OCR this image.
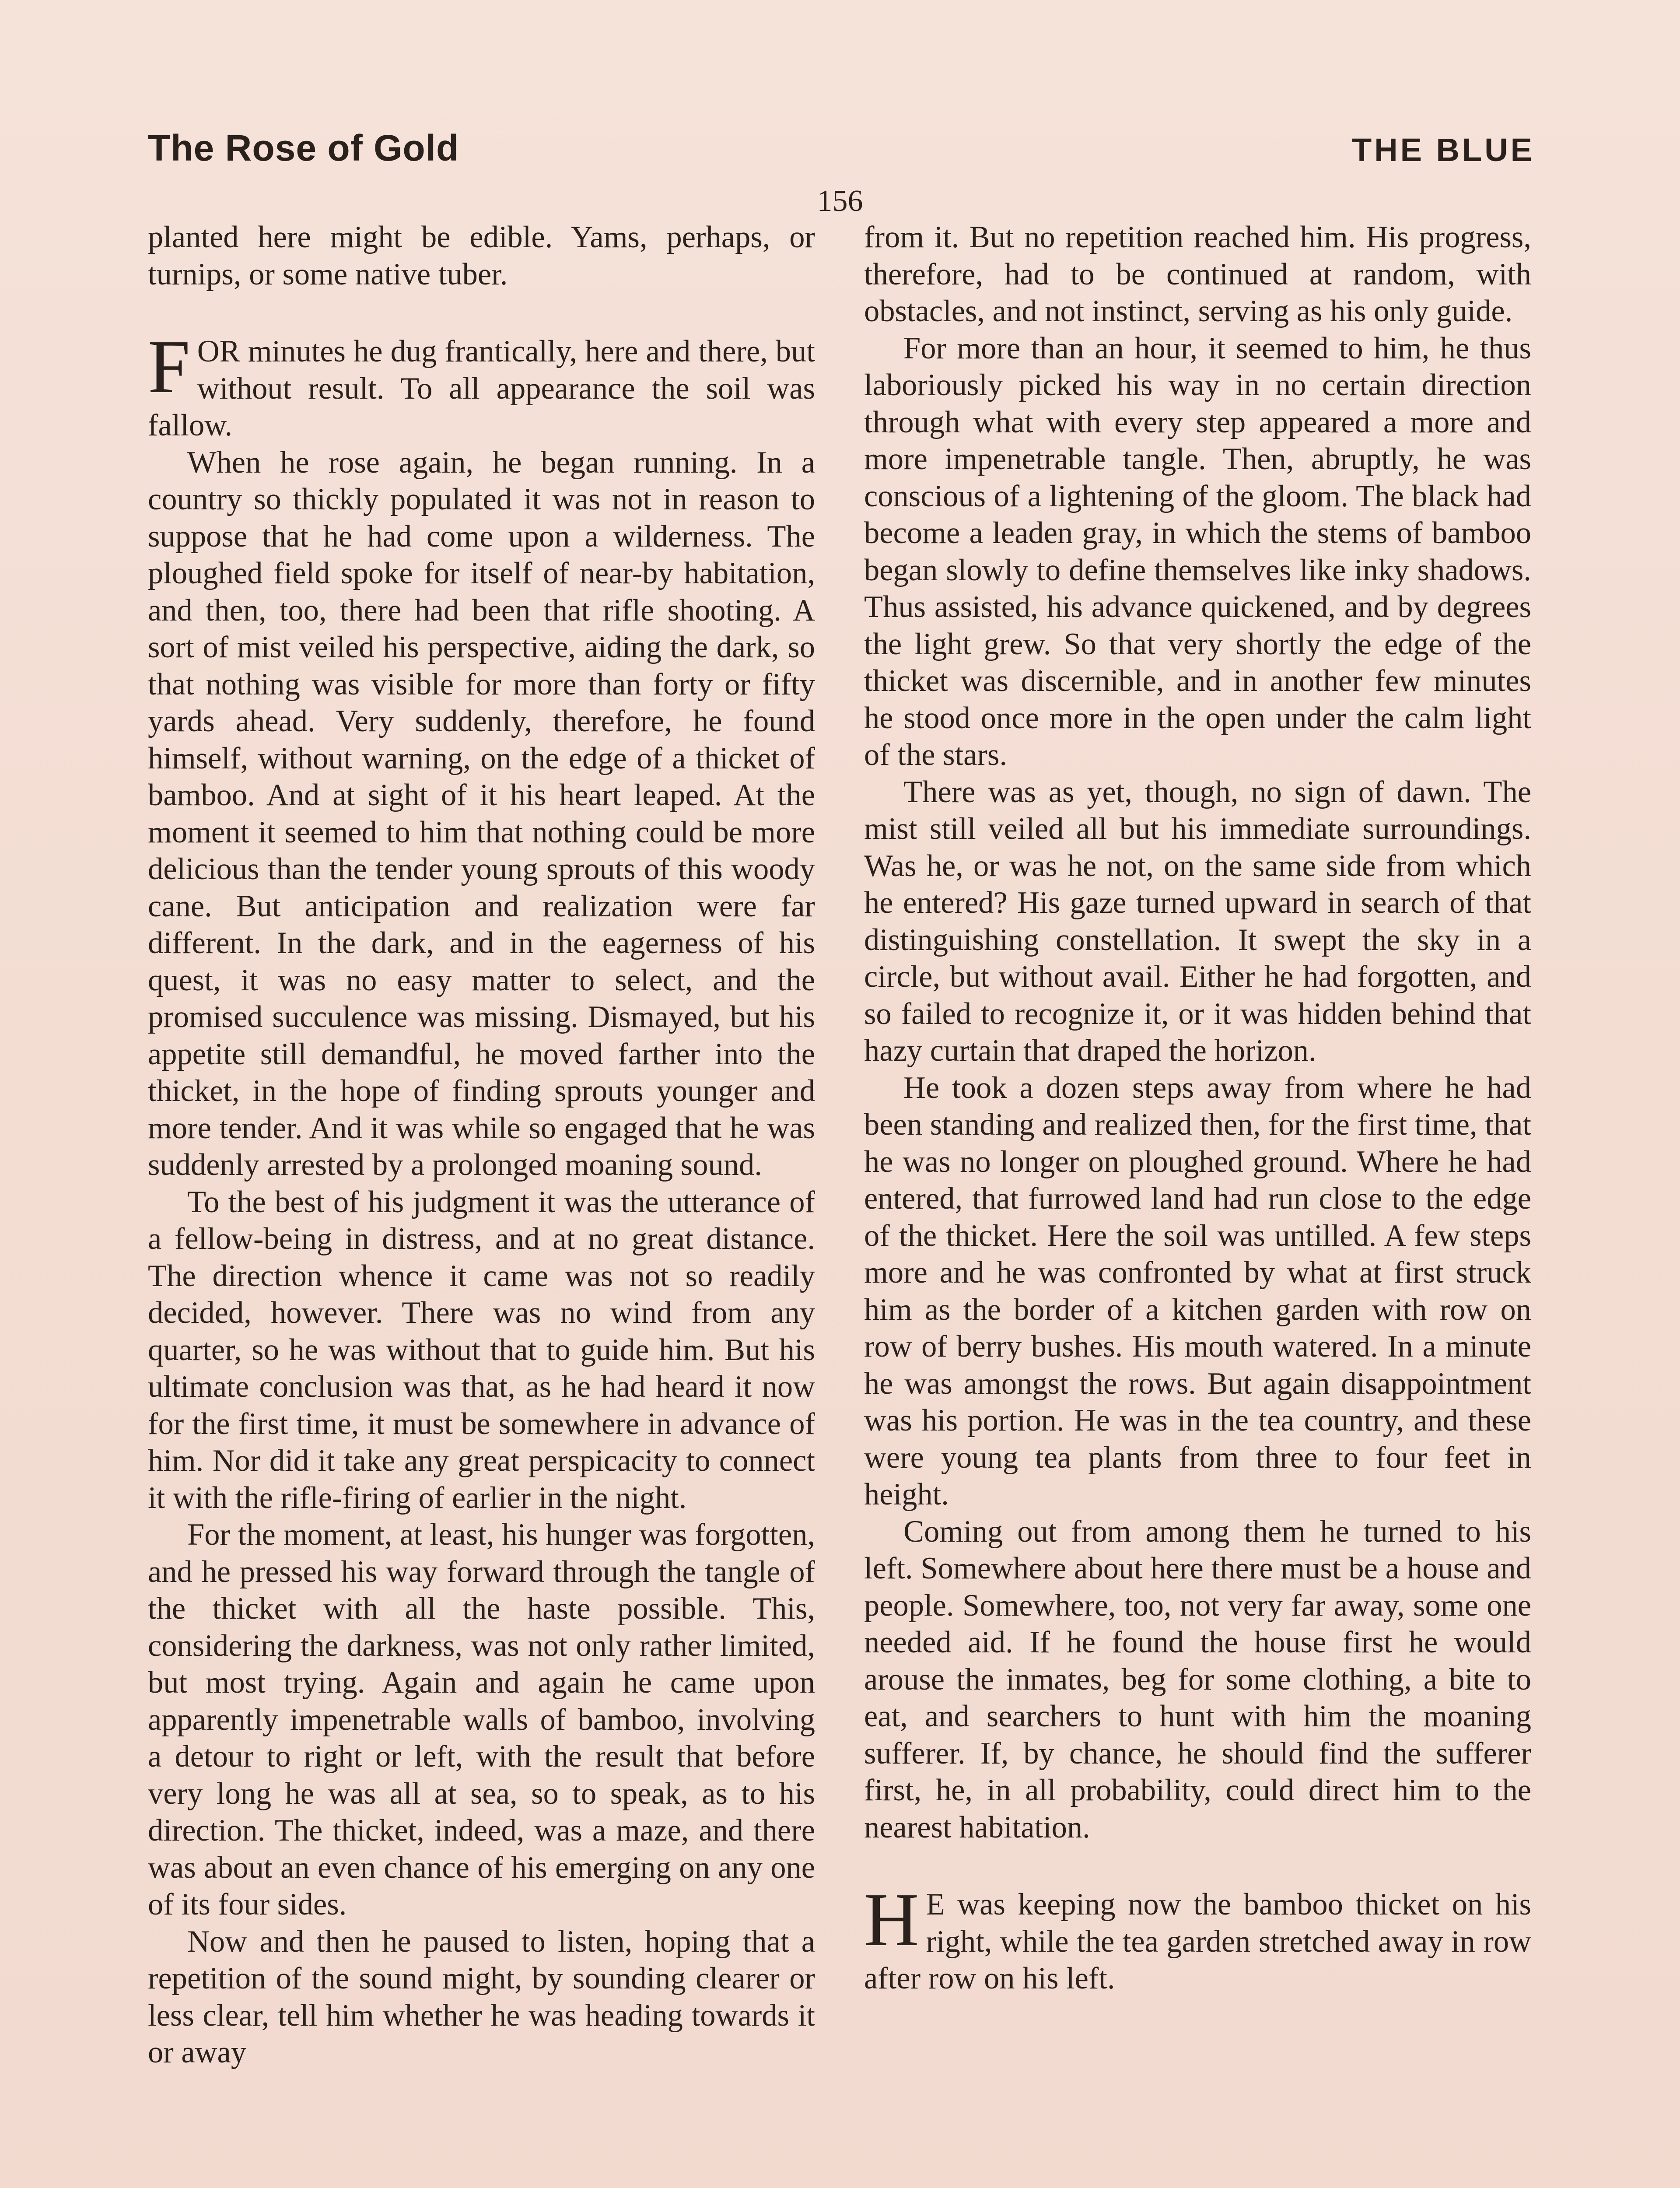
The Rose of Gold	THE BLUE
156

planted here might be edible. Yams, perhaps, or turnips, or some native tuber.

FOR minutes he dug frantically, here and there, but without result. To all appearance the soil was fallow.

When he rose again, he began running. In a country so thickly populated it was not in reason to suppose that he had come upon a wilderness. The ploughed field spoke for itself of near-by habitation, and then, too, there had been that rifle shooting. A sort of mist veiled his perspective, aiding the dark, so that nothing was visible for more than forty or fifty yards ahead. Very suddenly, therefore, he found himself, without warning, on the edge of a thicket of bamboo. And at sight of it his heart leaped. At the moment it seemed to him that nothing could be more delicious than the tender young sprouts of this woody cane. But anticipation and realization were far different. In the dark, and in the eagerness of his quest, it was no easy matter to select, and the promised succulence was missing. Dismayed, but his appetite still demandful, he moved farther into the thicket, in the hope of finding sprouts younger and more tender. And it was while so engaged that he was suddenly arrested by a prolonged moaning sound.

To the best of his judgment it was the utterance of a fellow-being in distress, and at no great distance. The direction whence it came was not so readily decided, however. There was no wind from any quarter, so he was without that to guide him. But his ultimate conclusion was that, as he had heard it now for the first time, it must be somewhere in advance of him. Nor did it take any great perspicacity to connect it with the rifle-firing of earlier in the night.

For the moment, at least, his hunger was forgotten, and he pressed his way forward through the tangle of the thicket with all the haste possible. This, considering the darkness, was not only rather limited, but most trying. Again and again he came upon apparently impenetrable walls of bamboo, involving a detour to right or left, with the result that before very long he was all at sea, so to speak, as to his direction. The thicket, indeed, was a maze, and there was about an even chance of his emerging on any one of its four sides.

Now and then he paused to listen, hoping that a repetition of the sound might, by sounding clearer or less clear, tell him whether he was heading towards it or away

from it. But no repetition reached him. His progress, therefore, had to be continued at random, with obstacles, and not instinct, serving as his only guide.

For more than an hour, it seemed to him, he thus laboriously picked his way in no certain direction through what with every step appeared a more and more impenetrable tangle. Then, abruptly, he was conscious of a lightening of the gloom. The black had become a leaden gray, in which the stems of bamboo began slowly to define themselves like inky shadows. Thus assisted, his advance quickened, and by degrees the light grew. So that very shortly the edge of the thicket was discernible, and in another few minutes he stood once more in the open under the calm light of the stars.

There was as yet, though, no sign of dawn. The mist still veiled all but his immediate surroundings. Was he, or was he not, on the same side from which he entered? His gaze turned upward in search of that distinguishing constellation. It swept the sky in a circle, but without avail. Either he had forgotten, and so failed to recognize it, or it was hidden behind that hazy curtain that draped the horizon.

He took a dozen steps away from where he had been standing and realized then, for the first time, that he was no longer on ploughed ground. Where he had entered, that furrowed land had run close to the edge of the thicket. Here the soil was untilled. A few steps more and he was confronted by what at first struck him as the border of a kitchen garden with row on row of berry bushes. His mouth watered. In a minute he was amongst the rows. But again disappointment was his portion. He was in the tea country, and these were young tea plants from three to four feet in height.

Coming out from among them he turned to his left. Somewhere about here there must be a house and people. Somewhere, too, not very far away, some one needed aid. If he found the house first he would arouse the inmates, beg for some clothing, a bite to eat, and searchers to hunt with him the moaning sufferer. If, by chance, he should find the sufferer first, he, in all probability, could direct him to the nearest habitation.

H E was keeping now the bamboo thicket on his right, while the tea garden stretched away in row after row on his left.
